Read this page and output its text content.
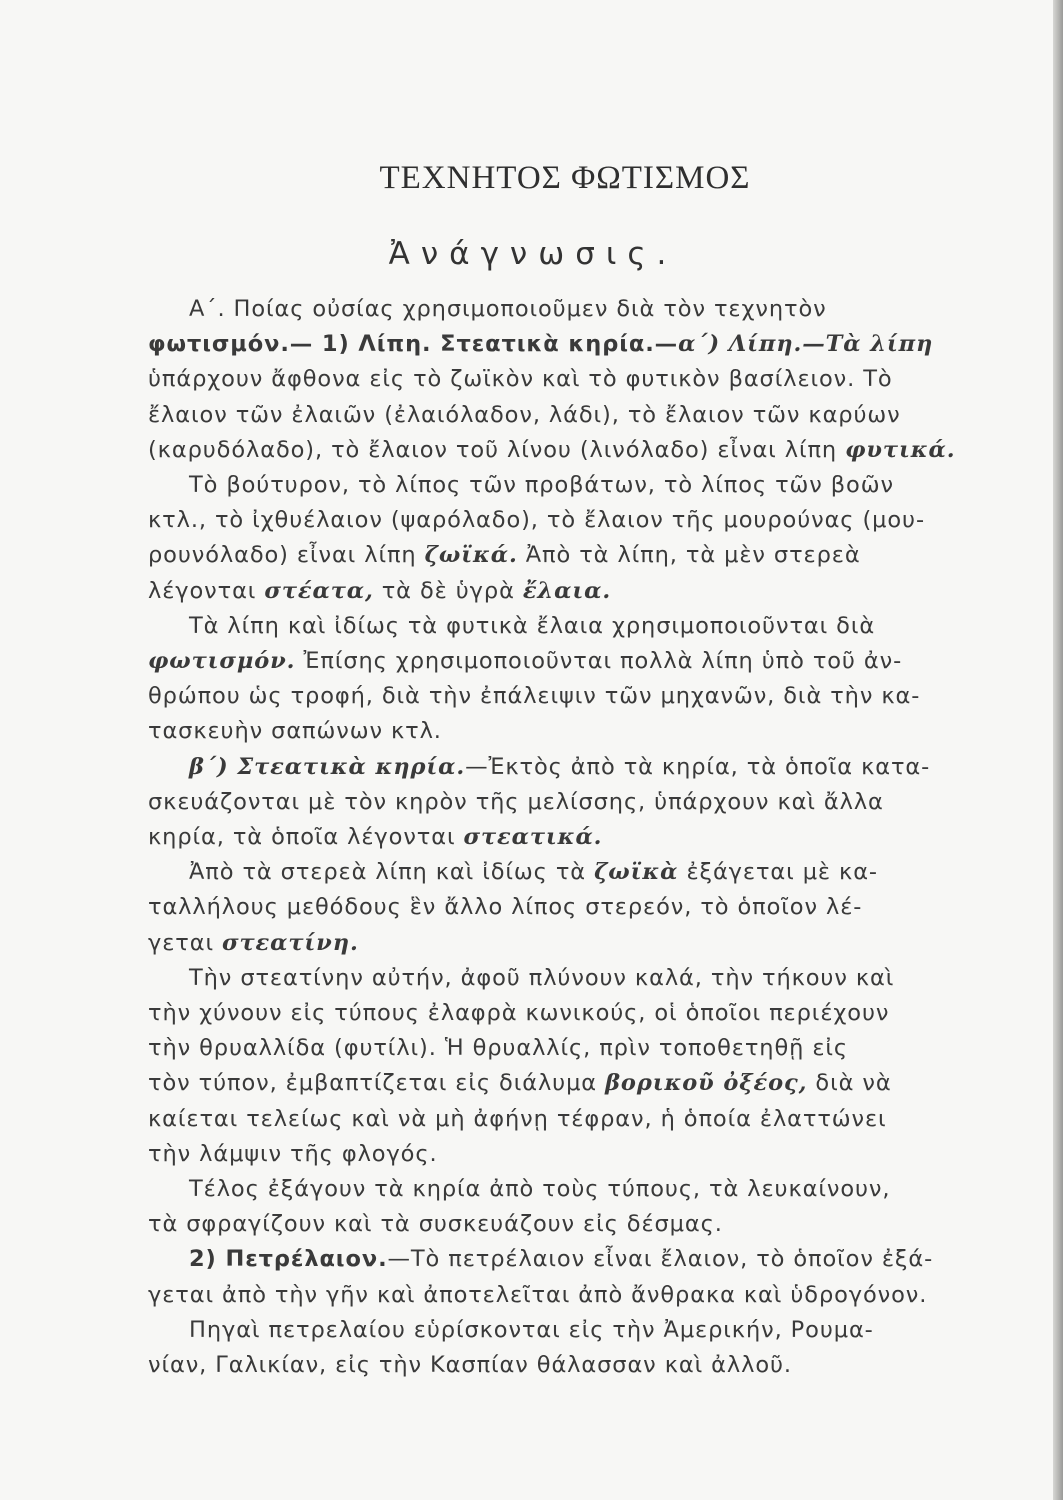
ΤΕΧΝΗΤΟΣ ΦΩΤΙΣΜΟΣ
Ἀνάγνωσις.
Α΄. Ποίας οὐσίας χρησιμοποιοῦμεν διὰ τὸν τεχνητὸν
φωτισμόν.— 1) Λίπη. Στεατικὰ κηρία.—α΄) Λίπη.—Τὰ λίπη
ὑπάρχουν ἄφθονα εἰς τὸ ζωϊκὸν καὶ τὸ φυτικὸν βασίλειον. Τὸ
ἔλαιον τῶν ἐλαιῶν (ἐλαιόλαδον, λάδι), τὸ ἔλαιον τῶν καρύων
(καρυδόλαδο), τὸ ἔλαιον τοῦ λίνου (λινόλαδο) εἶναι λίπη φυτικά.
Τὸ βούτυρον, τὸ λίπος τῶν προβάτων, τὸ λίπος τῶν βοῶν
κτλ., τὸ ἰχθυέλαιον (ψαρόλαδο), τὸ ἔλαιον τῆς μουρούνας (μου-
ρουνόλαδο) εἶναι λίπη ζωϊκά. Ἀπὸ τὰ λίπη, τὰ μὲν στερεὰ
λέγονται στέατα, τὰ δὲ ὑγρὰ ἔλαια.
Τὰ λίπη καὶ ἰδίως τὰ φυτικὰ ἔλαια χρησιμοποιοῦνται διὰ
φωτισμόν. Ἐπίσης χρησιμοποιοῦνται πολλὰ λίπη ὑπὸ τοῦ ἀν-
θρώπου ὡς τροφή, διὰ τὴν ἐπάλειψιν τῶν μηχανῶν, διὰ τὴν κα-
τασκευὴν σαπώνων κτλ.
β΄) Στεατικὰ κηρία.—Ἐκτὸς ἀπὸ τὰ κηρία, τὰ ὁποῖα κατα-
σκευάζονται μὲ τὸν κηρὸν τῆς μελίσσης, ὑπάρχουν καὶ ἄλλα
κηρία, τὰ ὁποῖα λέγονται στεατικά.
Ἀπὸ τὰ στερεὰ λίπη καὶ ἰδίως τὰ ζωϊκὰ ἐξάγεται μὲ κα-
ταλλήλους μεθόδους ἓν ἄλλο λίπος στερεόν, τὸ ὁποῖον λέ-
γεται στεατίνη.
Τὴν στεατίνην αὐτήν, ἀφοῦ πλύνουν καλά, τὴν τήκουν καὶ
τὴν χύνουν εἰς τύπους ἐλαφρὰ κωνικούς, οἱ ὁποῖοι περιέχουν
τὴν θρυαλλίδα (φυτίλι). Ἡ θρυαλλίς, πρὶν τοποθετηθῇ εἰς
τὸν τύπον, ἐμβαπτίζεται εἰς διάλυμα βορικοῦ ὀξέος, διὰ νὰ
καίεται τελείως καὶ νὰ μὴ ἀφήνῃ τέφραν, ἡ ὁποία ἐλαττώνει
τὴν λάμψιν τῆς φλογός.
Τέλος ἐξάγουν τὰ κηρία ἀπὸ τοὺς τύπους, τὰ λευκαίνουν,
τὰ σφραγίζουν καὶ τὰ συσκευάζουν εἰς δέσμας.
2) Πετρέλαιον.—Τὸ πετρέλαιον εἶναι ἔλαιον, τὸ ὁποῖον ἐξά-
γεται ἀπὸ τὴν γῆν καὶ ἀποτελεῖται ἀπὸ ἄνθρακα καὶ ὑδρογόνον.
Πηγαὶ πετρελαίου εὑρίσκονται εἰς τὴν Ἀμερικήν, Ρουμα-
νίαν, Γαλικίαν, εἰς τὴν Κασπίαν θάλασσαν καὶ ἀλλοῦ.
